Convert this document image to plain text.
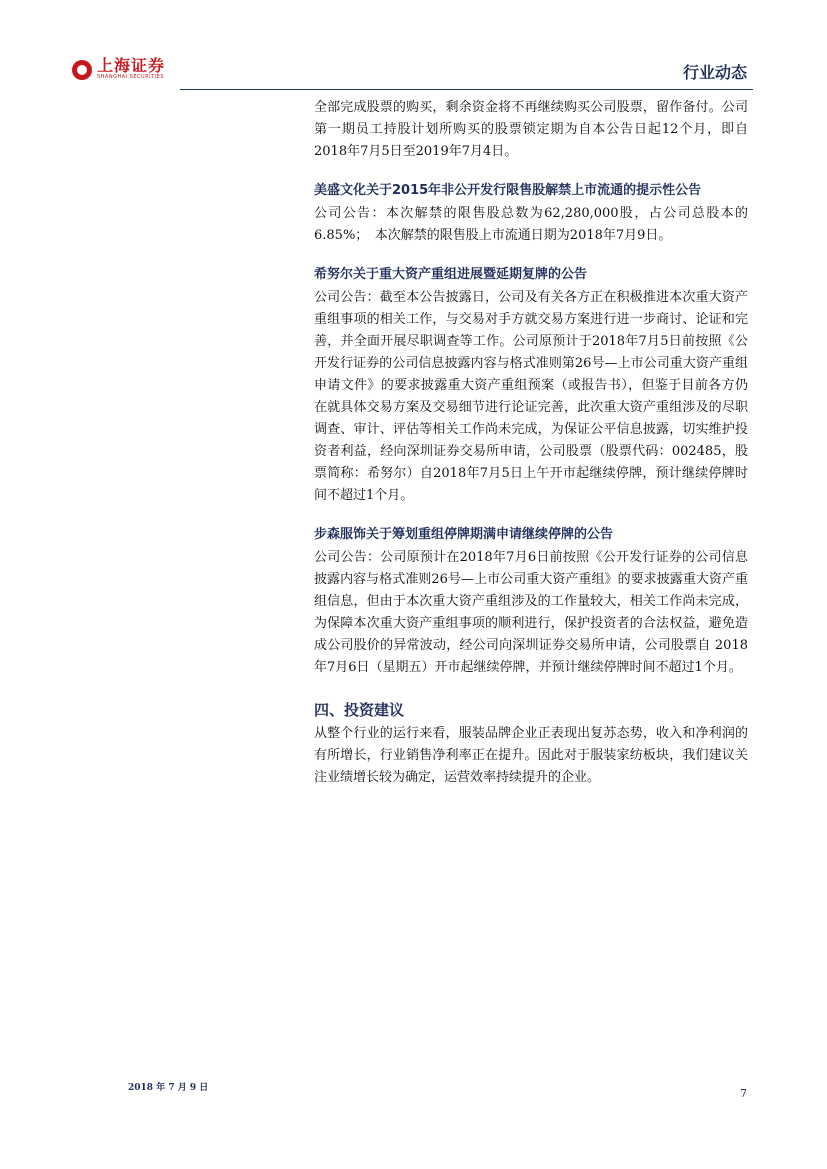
上海证券
SHANGHAI SECURITIES	行业动态

全部完成股票的购买，剩余资金将不再继续购买公司股票，留作备付。公司第一期员工持股计划所购买的股票锁定期为自本公告日起12个月，即自2018年7月5日至2019年7月4日。

美盛文化关于2015年非公开发行限售股解禁上市流通的提示性公告

公司公告：本次解禁的限售股总数为62,280,000股，占公司总股本的6.85%；　本次解禁的限售股上市流通日期为2018年7月9日。

希努尔关于重大资产重组进展暨延期复牌的公告

公司公告：截至本公告披露日，公司及有关各方正在积极推进本次重大资产重组事项的相关工作，与交易对手方就交易方案进行进一步商讨、论证和完善，并全面开展尽职调查等工作。公司原预计于2018年7月5日前按照《公开发行证券的公司信息披露内容与格式准则第26号—上市公司重大资产重组申请文件》的要求披露重大资产重组预案（或报告书），但鉴于目前各方仍在就具体交易方案及交易细节进行论证完善，此次重大资产重组涉及的尽职调查、审计、评估等相关工作尚未完成，为保证公平信息披露，切实维护投资者利益，经向深圳证券交易所申请，公司股票（股票代码：002485，股票简称：希努尔）自2018年7月5日上午开市起继续停牌，预计继续停牌时间不超过1个月。

步森服饰关于筹划重组停牌期满申请继续停牌的公告

公司公告：公司原预计在2018年7月6日前按照《公开发行证券的公司信息披露内容与格式准则26号—上市公司重大资产重组》的要求披露重大资产重组信息，但由于本次重大资产重组涉及的工作量较大，相关工作尚未完成，为保障本次重大资产重组事项的顺利进行，保护投资者的合法权益，避免造成公司股价的异常波动，经公司向深圳证券交易所申请，公司股票自 2018年7月6日（星期五）开市起继续停牌，并预计继续停牌时间不超过1个月。

四、投资建议

从整个行业的运行来看，服装品牌企业正表现出复苏态势，收入和净利润的有所增长，行业销售净利率正在提升。因此对于服装家纺板块，我们建议关注业绩增长较为确定，运营效率持续提升的企业。

2018 年 7 月 9 日	7
